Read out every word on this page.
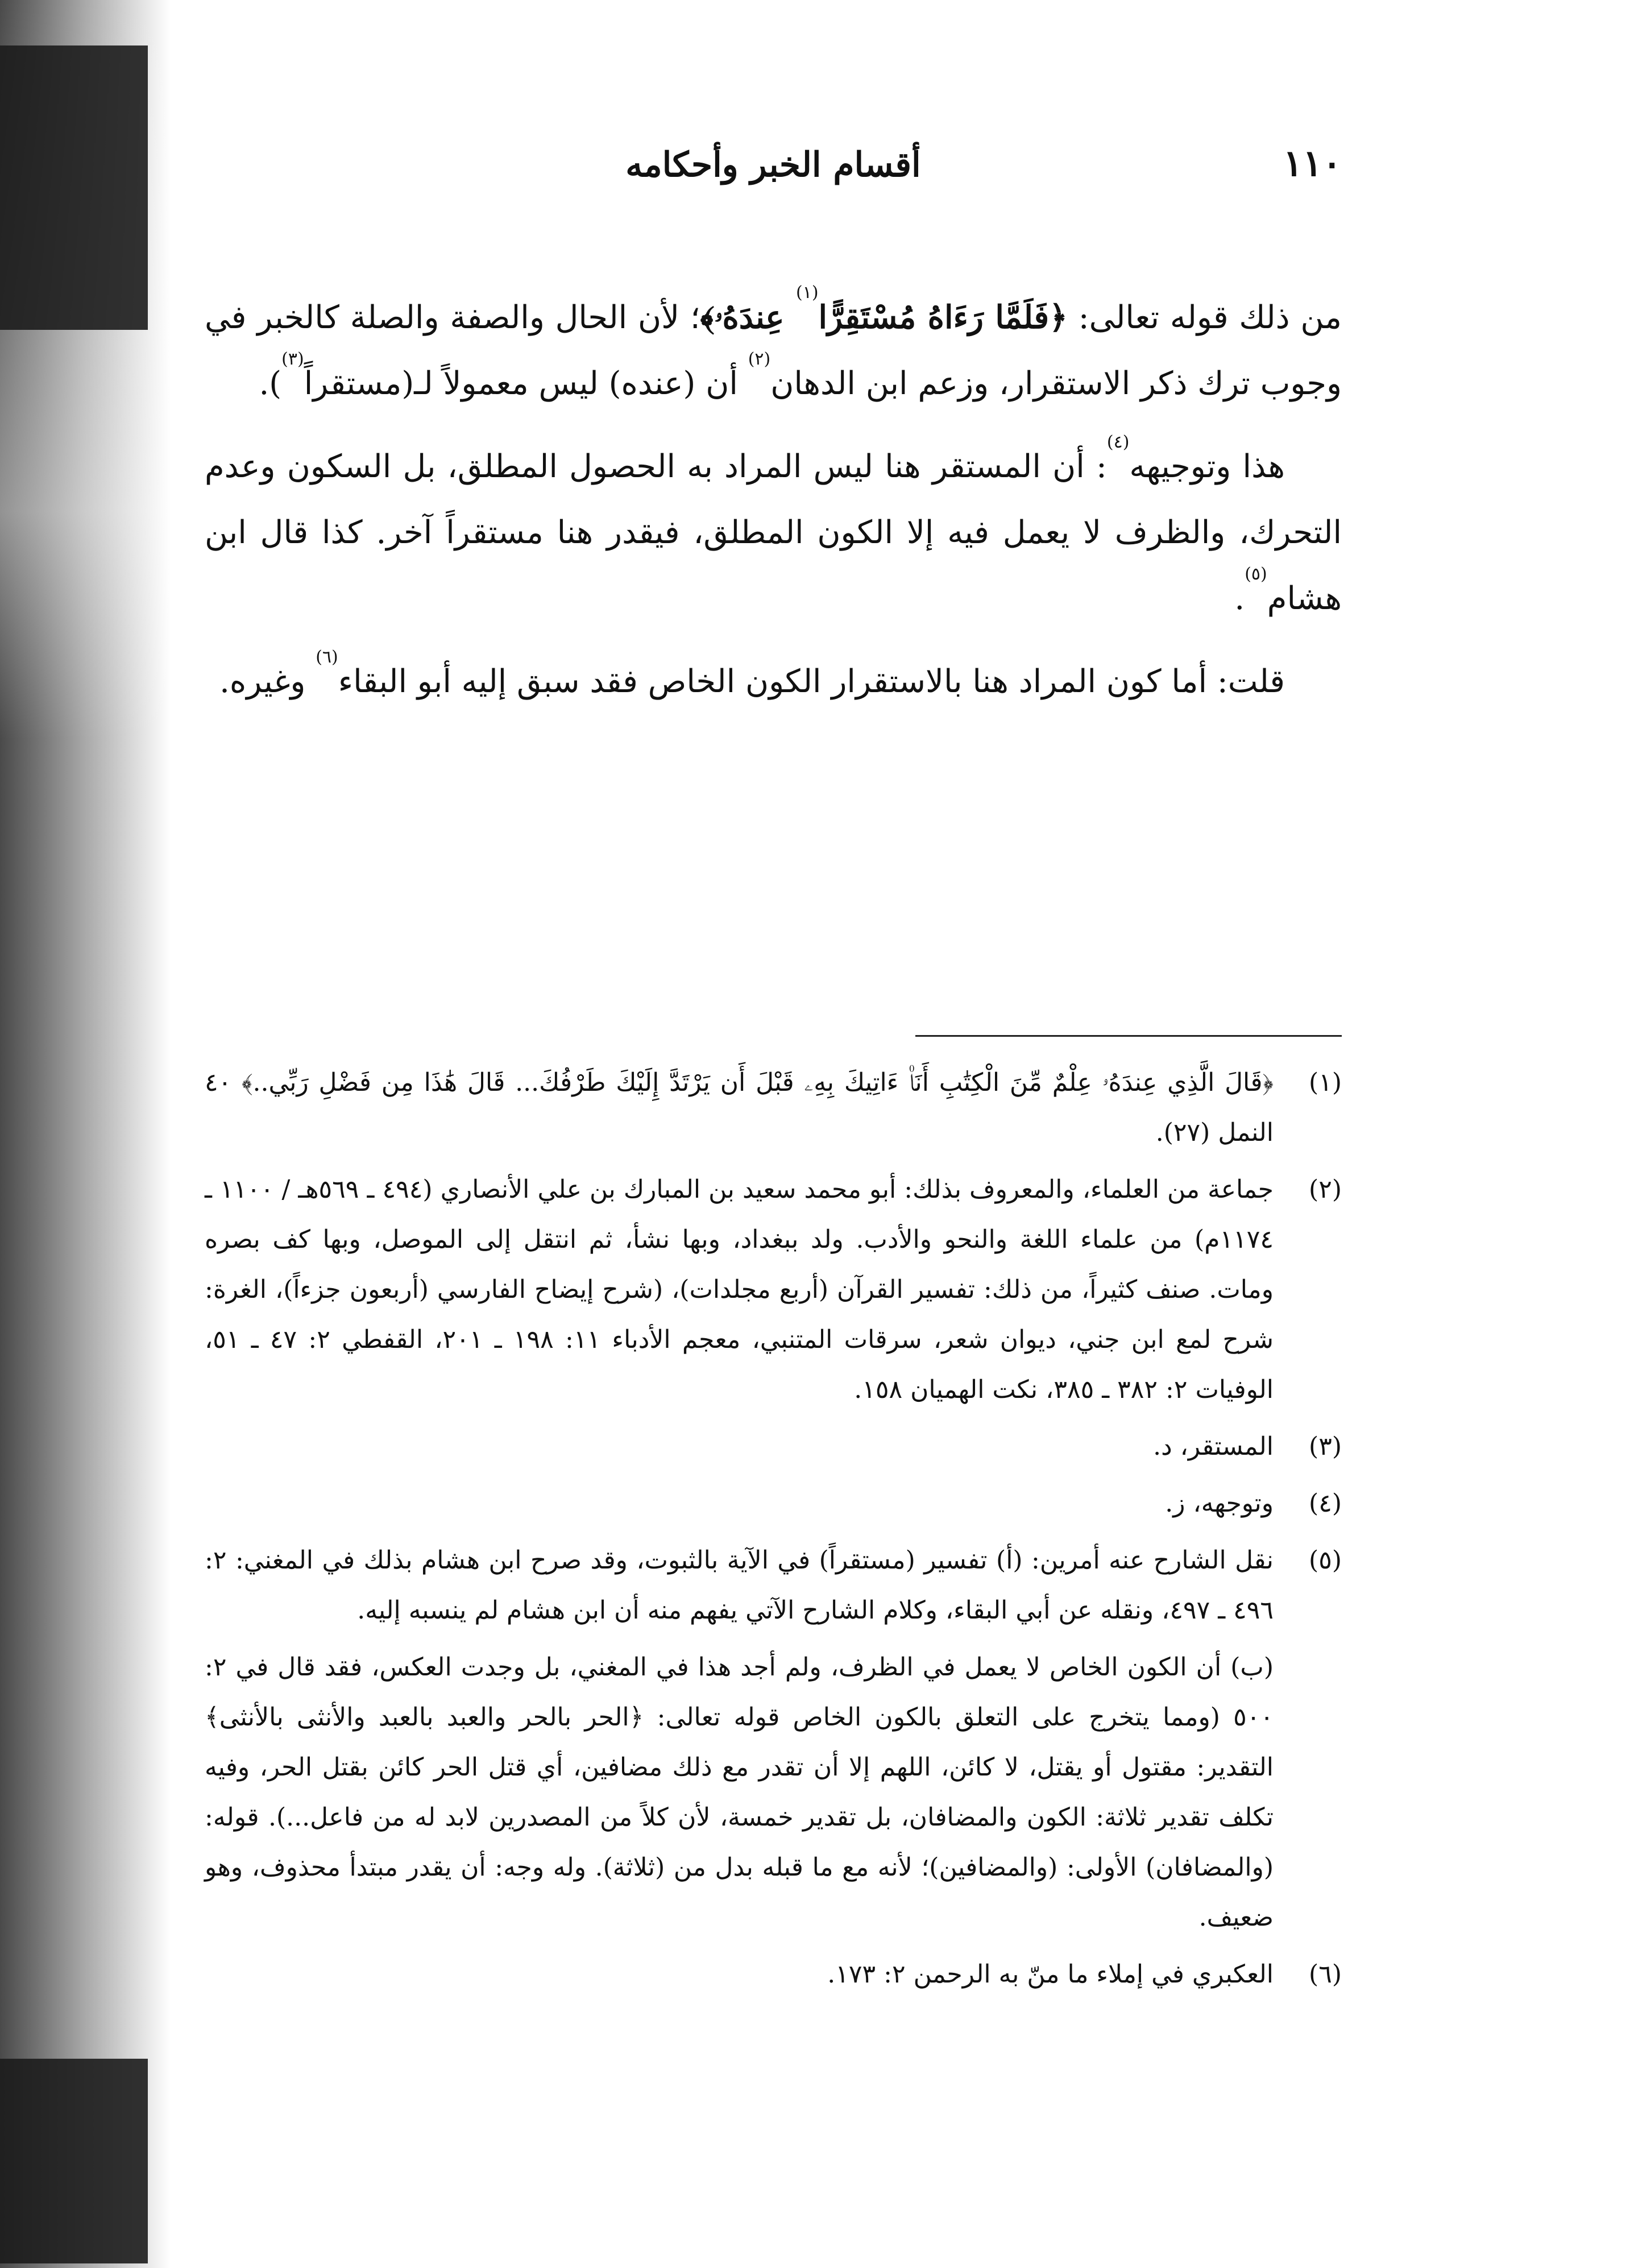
١١٠
أقسام الخبر وأحكامه

من ذلك قوله تعالى: ﴿فَلَمَّا رَءَاهُ مُسْتَقِرًّا$^{(١)}$ عِندَهُۥ﴾؛ لأن الحال والصفة والصلة كالخبر في وجوب ترك ذكر الاستقرار، وزعم ابن الدهان$^{(٢)}$ أن (عنده) ليس معمولاً لـ(مستقراً$^{(٣)}$).

هذا وتوجيهه$^{(٤)}$: أن المستقر هنا ليس المراد به الحصول المطلق، بل السكون وعدم التحرك، والظرف لا يعمل فيه إلا الكون المطلق، فيقدر هنا مستقراً آخر. كذا قال ابن هشام$^{(٥)}$.

قلت: أما كون المراد هنا بالاستقرار الكون الخاص فقد سبق إليه أبو البقاء$^{(٦)}$ وغيره.

(١)
﴿قَالَ الَّذِي عِندَهُۥ عِلْمٌ مِّنَ الْكِتَٰبِ أَنَا۠ ءَاتِيكَ بِهِۦ قَبْلَ أَن يَرْتَدَّ إِلَيْكَ طَرْفُكَ... قَالَ هَٰذَا مِن فَضْلِ رَبِّي..﴾ ٤٠ النمل (٢٧).
(٢)
جماعة من العلماء، والمعروف بذلك: أبو محمد سعيد بن المبارك بن علي الأنصاري (٤٩٤ ـ ٥٦٩هـ / ١١٠٠ ـ ١١٧٤م) من علماء اللغة والنحو والأدب. ولد ببغداد، وبها نشأ، ثم انتقل إلى الموصل، وبها كف بصره ومات. صنف كثيراً، من ذلك: تفسير القرآن (أربع مجلدات)، (شرح إيضاح الفارسي (أربعون جزءاً)، الغرة: شرح لمع ابن جني، ديوان شعر، سرقات المتنبي، معجم الأدباء ١١: ١٩٨ ـ ٢٠١، القفطي ٢: ٤٧ ـ ٥١، الوفيات ٢: ٣٨٢ ـ ٣٨٥، نكت الهميان ١٥٨.
(٣)
المستقر، د.
(٤)
وتوجهه، ز.
(٥)
نقل الشارح عنه أمرين: (أ) تفسير (مستقراً) في الآية بالثبوت، وقد صرح ابن هشام بذلك في المغني: ٢: ٤٩٦ ـ ٤٩٧، ونقله عن أبي البقاء، وكلام الشارح الآتي يفهم منه أن ابن هشام لم ينسبه إليه.
(ب) أن الكون الخاص لا يعمل في الظرف، ولم أجد هذا في المغني، بل وجدت العكس، فقد قال في ٢: ٥٠٠ (ومما يتخرج على التعلق بالكون الخاص قوله تعالى: ﴿الحر بالحر والعبد بالعبد والأنثى بالأنثى﴾ التقدير: مقتول أو يقتل، لا كائن، اللهم إلا أن تقدر مع ذلك مضافين، أي قتل الحر كائن بقتل الحر، وفيه تكلف تقدير ثلاثة: الكون والمضافان، بل تقدير خمسة، لأن كلاً من المصدرين لابد له من فاعل...). قوله: (والمضافان) الأولى: (والمضافين)؛ لأنه مع ما قبله بدل من (ثلاثة). وله وجه: أن يقدر مبتدأ محذوف، وهو ضعيف.
(٦)
العكبري في إملاء ما منّ به الرحمن ٢: ١٧٣.
